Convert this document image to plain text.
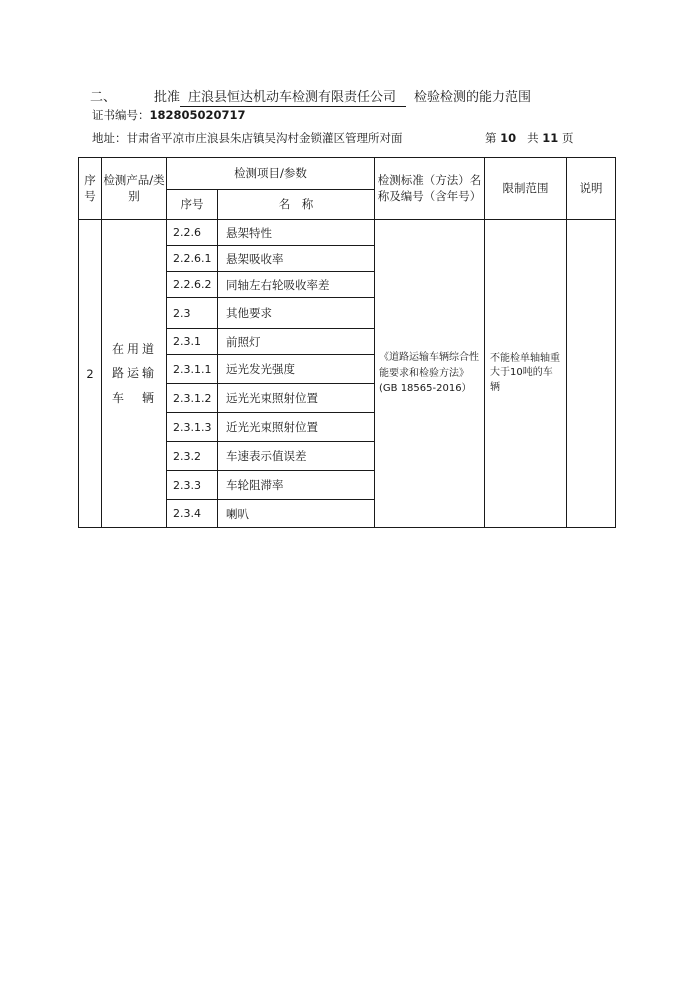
二、	批准 庄浪县恒达机动车检测有限责任公司 检验检测的能力范围
证书编号：182805020717
地址：甘肃省平凉市庄浪县朱店镇吴沟村金锁灌区管理所对面	第 10 共 11 页
序号	检测产品/类别	检测项目/参数		检测标准（方法）名称及编号（含年号）	限制范围	说明
		序号	名　称			
2	在用道路运输车辆	2.2.6	悬架特性	《道路运输车辆综合性能要求和检验方法》(GB 18565-2016）	不能检单轴轴重大于10吨的车辆	
		2.2.6.1	悬架吸收率			
		2.2.6.2	同轴左右轮吸收率差			
		2.3	其他要求			
		2.3.1	前照灯			
		2.3.1.1	远光发光强度			
		2.3.1.2	远光光束照射位置			
		2.3.1.3	近光光束照射位置			
		2.3.2	车速表示值误差			
		2.3.3	车轮阻滞率			
		2.3.4	喇叭			
